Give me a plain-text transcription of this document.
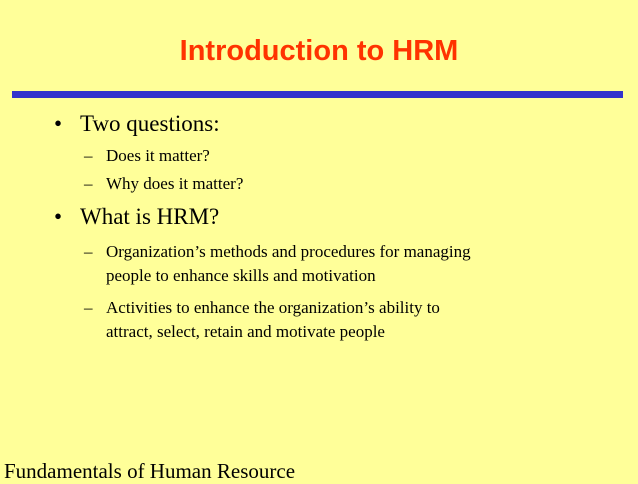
Introduction to HRM
• Two questions:
– Does it matter?
– Why does it matter?
• What is HRM?
– Organization’s methods and procedures for managing
people to enhance skills and motivation
– Activities to enhance the organization’s ability to
attract, select, retain and motivate people
Fundamentals of Human Resource
